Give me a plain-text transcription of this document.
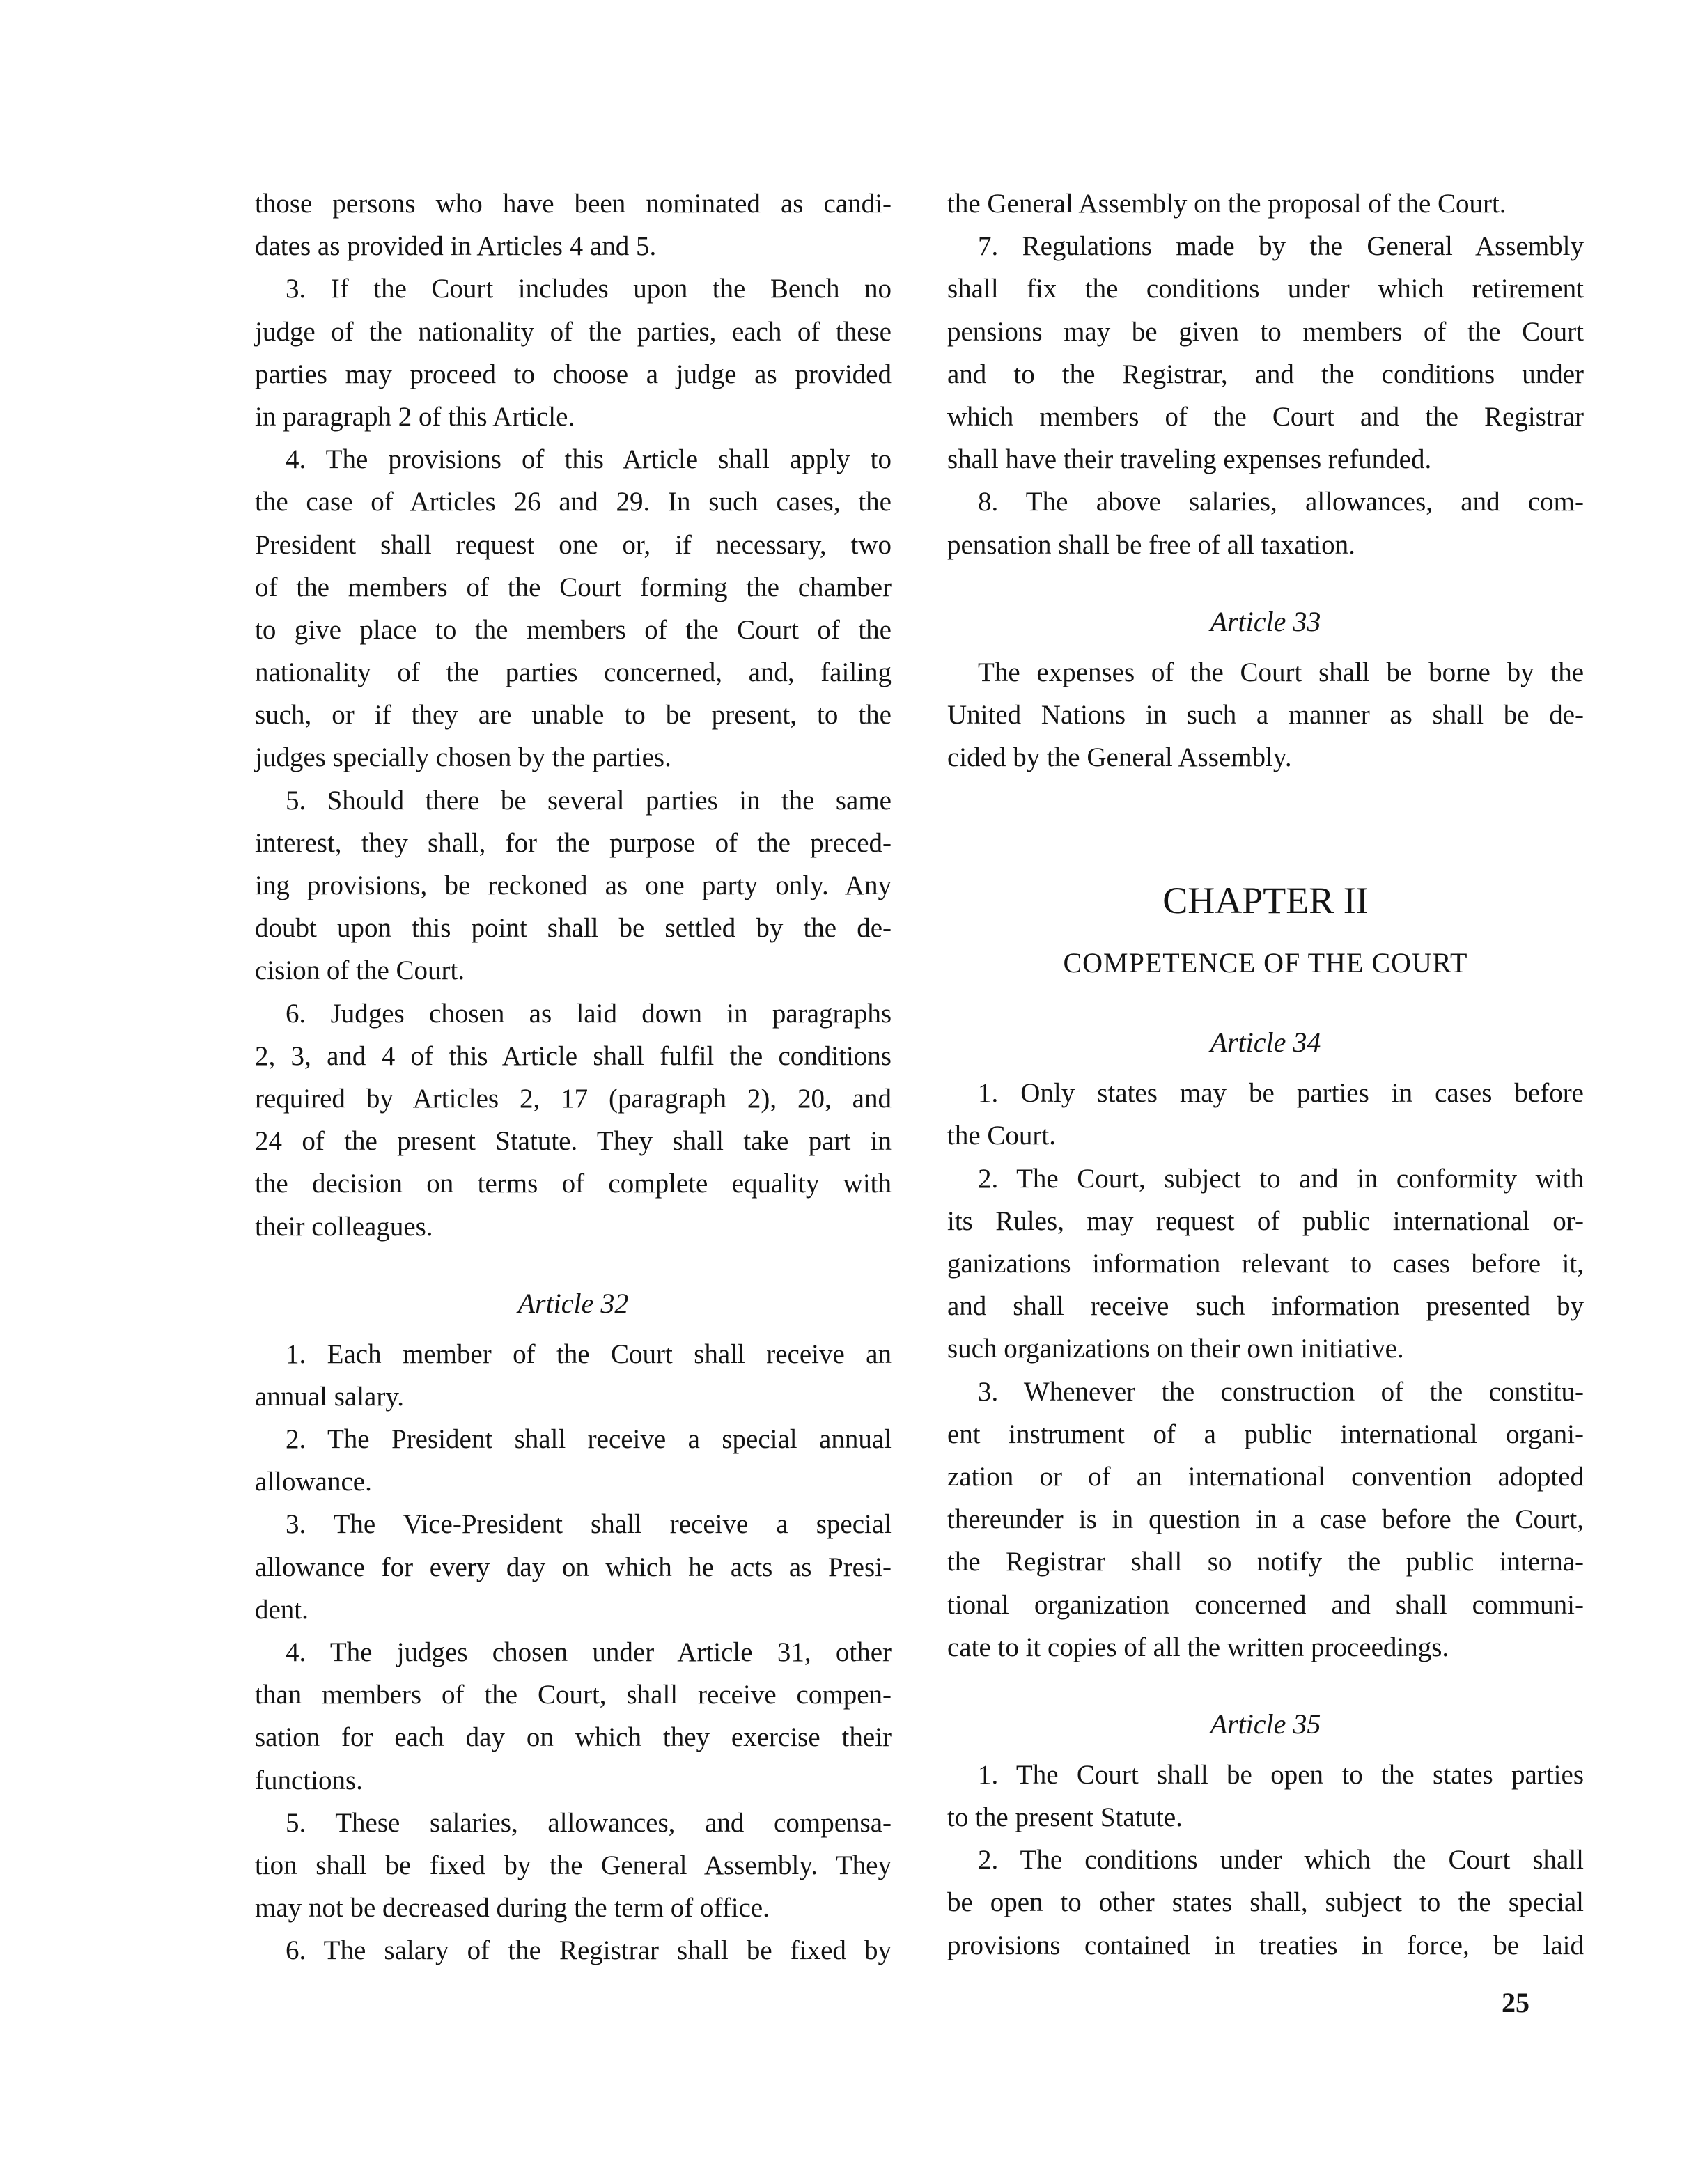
those persons who have been nominated as candi-
dates as provided in Articles 4 and 5.
3. If the Court includes upon the Bench no
judge of the nationality of the parties, each of these
parties may proceed to choose a judge as provided
in paragraph 2 of this Article.
4. The provisions of this Article shall apply to
the case of Articles 26 and 29. In such cases, the
President shall request one or, if necessary, two
of the members of the Court forming the chamber
to give place to the members of the Court of the
nationality of the parties concerned, and, failing
such, or if they are unable to be present, to the
judges specially chosen by the parties.
5. Should there be several parties in the same
interest, they shall, for the purpose of the preced-
ing provisions, be reckoned as one party only. Any
doubt upon this point shall be settled by the de-
cision of the Court.
6. Judges chosen as laid down in paragraphs
2, 3, and 4 of this Article shall fulfil the conditions
required by Articles 2, 17 (paragraph 2), 20, and
24 of the present Statute. They shall take part in
the decision on terms of complete equality with
their colleagues.
Article 32
1. Each member of the Court shall receive an
annual salary.
2. The President shall receive a special annual
allowance.
3. The Vice-President shall receive a special
allowance for every day on which he acts as Presi-
dent.
4. The judges chosen under Article 31, other
than members of the Court, shall receive compen-
sation for each day on which they exercise their
functions.
5. These salaries, allowances, and compensa-
tion shall be fixed by the General Assembly. They
may not be decreased during the term of office.
6. The salary of the Registrar shall be fixed by
the General Assembly on the proposal of the Court.
7. Regulations made by the General Assembly
shall fix the conditions under which retirement
pensions may be given to members of the Court
and to the Registrar, and the conditions under
which members of the Court and the Registrar
shall have their traveling expenses refunded.
8. The above salaries, allowances, and com-
pensation shall be free of all taxation.
Article 33
The expenses of the Court shall be borne by the
United Nations in such a manner as shall be de-
cided by the General Assembly.
CHAPTER II
COMPETENCE OF THE COURT
Article 34
1. Only states may be parties in cases before
the Court.
2. The Court, subject to and in conformity with
its Rules, may request of public international or-
ganizations information relevant to cases before it,
and shall receive such information presented by
such organizations on their own initiative.
3. Whenever the construction of the constitu-
ent instrument of a public international organi-
zation or of an international convention adopted
thereunder is in question in a case before the Court,
the Registrar shall so notify the public interna-
tional organization concerned and shall communi-
cate to it copies of all the written proceedings.
Article 35
1. The Court shall be open to the states parties
to the present Statute.
2. The conditions under which the Court shall
be open to other states shall, subject to the special
provisions contained in treaties in force, be laid
25
